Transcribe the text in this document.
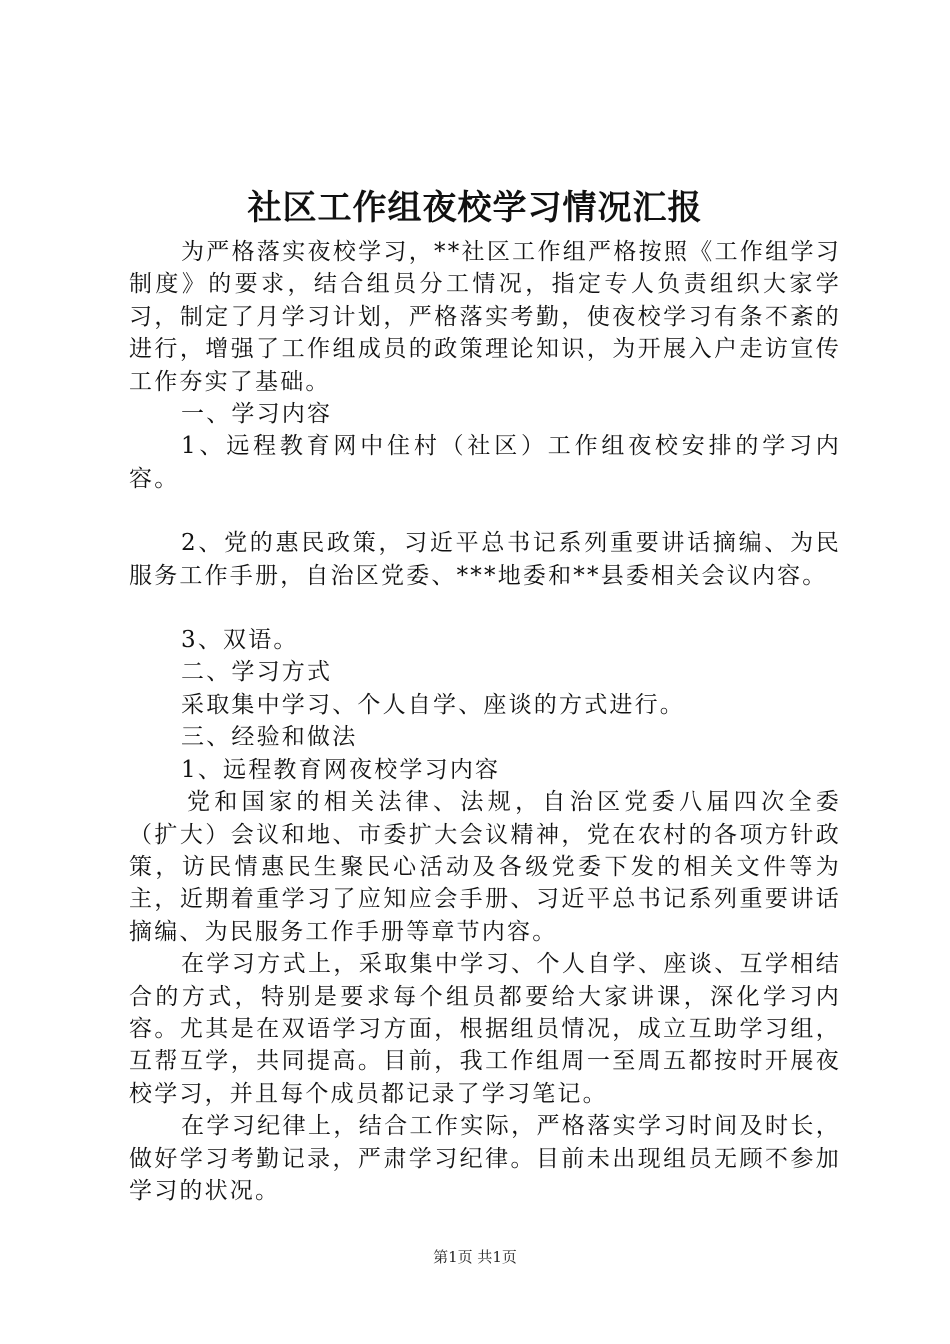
社区工作组夜校学习情况汇报

为严格落实夜校学习，**社区工作组严格按照《工作组学习制度》的要求，结合组员分工情况，指定专人负责组织大家学习，制定了月学习计划，严格落实考勤，使夜校学习有条不紊的进行，增强了工作组成员的政策理论知识，为开展入户走访宣传工作夯实了基础。

一、学习内容

1、远程教育网中住村（社区）工作组夜校安排的学习内容。

2、党的惠民政策，习近平总书记系列重要讲话摘编、为民服务工作手册，自治区党委、***地委和**县委相关会议内容。

3、双语。

二、学习方式

采取集中学习、个人自学、座谈的方式进行。

三、经验和做法

1、远程教育网夜校学习内容

党和国家的相关法律、法规，自治区党委八届四次全委（扩大）会议和地、市委扩大会议精神，党在农村的各项方针政策，访民情惠民生聚民心活动及各级党委下发的相关文件等为主，近期着重学习了应知应会手册、习近平总书记系列重要讲话摘编、为民服务工作手册等章节内容。

在学习方式上，采取集中学习、个人自学、座谈、互学相结合的方式，特别是要求每个组员都要给大家讲课，深化学习内容。尤其是在双语学习方面，根据组员情况，成立互助学习组，互帮互学，共同提高。目前，我工作组周一至周五都按时开展夜校学习，并且每个成员都记录了学习笔记。

在学习纪律上，结合工作实际，严格落实学习时间及时长，做好学习考勤记录，严肃学习纪律。目前未出现组员无顾不参加学习的状况。

第1页 共1页
